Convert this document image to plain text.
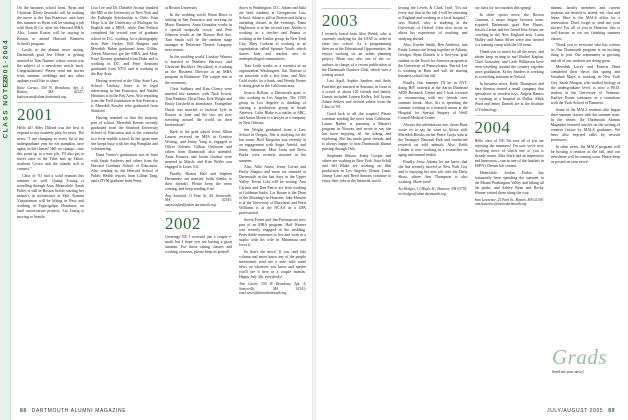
2001-2004
CLASS NOTES

On the business school front, Ryan and Christine (Dart) Jaworski will be making the move to the San Francisco area later this summer as Ryan will be starting a job with Bain & Co. after his Harvard MBA. Also, Laurie Kosiac will be staying in Boston to attend Harvard Business School's program.

Lastly, in the alumni news saying, Dartmouth grad Jen Oliver is getting married to Tom Nunner, whose cousin was the subject of a newsletter article back. Congratulations! Please send me stories from summer weddings and any other updates you'd like to share.

Katie Caruso, 500 W. Broadway, Apt. 5, Boston, MA 02127; katiecaruso@alum.dartmouth.org.
2001

Hello all! Abby Dillard was the first to respond to my formerly plea for news. The news: "I am changing so every bit of my undergraduate year by eat pumpkin, save again, in the classes! Hill we change—into this point up to a new job. I'll also get to travel once in the Tibet and up Tahoe, northern Cicero and the islands still to connect."

Class of '01 had a solid reunion this summer as well. Quang Truong is travelling through Asia. Meanwhile, Sarah Fuller is still in Boston before starting her master's in architecture at Yale. Kamini Vijayaraman will be hiking in Peru and working in Tegucigalpa, Honduras, on land conservation projects. Liz Lustig is moving to Seattle.

Lisa Lee and Dr. Danielle Acosta finished the MD at the University of New York and the Fulbright Scholarship to Chile. Kim Hope is at the University of Michigan for English and a MBA, while Dan Pollack completed his second year of graduate school in D.C. working for a photography firm. Ben Gerber, Bill Burgess and Meredith Rabin graduated from Gillies. Alexis Marcucci got her MBA, and Mary Kaye Rooney graduated from Duke and is working in DC, and Peter Ammons graduated from NYU and is working in the Bay Area.

Having received at the Ohio State Law School, Lindsay Jones is in legal advertising in San Francisco, and Natalie Hawkins is in the Bay Area. Also reporting from the Ford foundation in San Francisco is Meredith Kessler who graduated from Stanford.

Having reunited so that the majority part of school, Meredith Keener recently graduated from the Stanford University School of Education and is the counselor at a local middle school. In her spare time she keeps busy with her dog Pumpkin and volunteering.

Dana Turner's graduation was in June with Sarah Andrews and others from the Harvard Graduate School of Education. Also sending in, the Harvard School of Public Health reports from Lillian Tang, and a DVM graduate from Penn.

at Boston University.

In the wedding world, Brian Bruce is settling in San Francisco and working on Music Business. Anna Gonzalez works in a special nonprofit sector, and Pete Johnson works at the Boston Red Sox. Tara Smith will be the random stage manager at Delaware Theatre Company next season.

In the wedding world, Lindsay Winters is married to Matthew Barrows, and Christine Buchler's (Stricklen) is working as the Business Director at an MBA program in Baltimore. The couple met at the ceremony.

Chris Sudbury and Kim Clancy were married last summer, with Nick Jowett, Tom Raddatz, Chris Dutz, Erik Wright and Emily Linsfield in attendance. Evangeline Duval was married to Jackson Lyle in Boston in June and the two are now traveling around the world on their honeymoon!

Back to the grad school front, Jillian Lauren received an MFA in Creative Writing, and Jenny Yang is engaged to Oliver Schaen. Gillian Orthwein and others from Dartmouth also attended. Anna Fonseca and Justin Gordon were married in March, and Kim Weller was engaged to Louis Gil.

Finally, Bianca Hall and Stephen Hernandez are married (with thanks to their friends). Please keep the news coming, and keep sending it in!

Amy Swinford, 11 Fake St., #5, Somerville, MA 02143; amyswinford@alum.dartmouth.org.
2002

Greetings '02! I received just a couple e-mails but I hope you are having a great summer. For those taking classes and working overseas, please keep us posted!

down in Washington, D.C. Adam and Julia are both students at Georgetown Law School. Adam is still at Boston and Julia is attending classes in the evenings. Dana Hightower is in her second year. Ashley is working as a teacher and Emma is working at the Caitlin group. In New York City, Mary Cochran is working at an organization called Sponsor Youth, which shares kids and teaches arts to underprivileged communities.

Tom Leith works as a scientist at an organization Washington. Jim Duncan is an associate with a law firm, and Alex Gold works for a bank, and Wendy Frome is doing great in the California area.

Jessica Rollins, a Dartmouth grad, is also working in Los Angeles. The CNN group in Los Angeles is thinking of starting a production group in South America. Colin Blake is a staffer at ABC, and Aaron Moxie is a lawyer at a company in New Orleans.

Jen Wright graduated from a Law School in Oregon. She is studying for the bar exam. Hoff Kingston was recently at an engagement with Angie Arnold, and Jenny Simmons, Matt Liam and Drew Burke were recently married in the summer.

Also, Allie Amos, Jenny Cortez and Emily Shapiro and more are reunited at Dartmouth in the last days in the Upper Valley. Kevin Cole will be writing. Ann Carlson and Dan Pierce are both working at Goldman Sachs. Liz Boone is the Dean of the Morning's in Hanover, Jake Manson is at the University of Maryland, and Brett Williams is at the NCAA as a GPA professional.

Stevie Foster and Jim Freeman are now part of an MBA program. Hoff Warner was recently engaged in the wedding. Peter Sable continues to live and work in a studio with his wife in Minnesota and loves it.

So that's the news! If you read this column and never know any of the people mentioned, send me a note with some news on whatever you know and maybe you'll see it here in a couple months. Happy July 4th, everybody!

Tom Carter, 350 W. Broadway, Apt. 4, Somerville, MA 02143; tom.carter@alum.dartmouth.org.
88 DARTMOUTH ALUMNI MAGAZINE
2003

I recently heard from Alex Wendt, who is currently studying for the LSAT in order to enter law school. As a programming director at the Educational Opportunities, he enjoys working on an urban planning project. Brian was also one of the co-authors in charge of a recent publication of the Dartmouth Outdoor Club, which won a writing award.

Last April, Sophie Sanders and Andy Fairfield got married in Sonoma, in front of a crowd of about 120 friends and family. Guests included Lauren Kelley, Jeff Lyons, Adam Seltzer and several others from the Class of '03.

Good luck to all the couples! Please continue sending the news from California. Laurie Barbie is pursuing a Master's program in Norway and wrote to say she has been enjoying all the hiking and exploring. She has made great friends, and is always happy to host Dartmouth alumni passing through Oslo.

Stephanie Mason, Jenny Cooper and others are working in New York. Sara Schiff and Jeff Blake are working on film production in Los Angeles. Danny Lazar, Jimmy Lane and Reed Simons continue to enjoy their jobs in the financial world.

lowing the Levels & Clark Trail. "It's not every day that in the fall I will be returning to England and working at a local hospital," says Rachel, who is studying at the University of Oxford. John also wrote in about his experience of teaching and studying abroad.

Also, Kaylee Smith, Ben Andrews, and Emily Lanaro are living together in Atlanta, Georgia. Ryan Daniels is a first-year grad student in the Teach for America program at the University of Pennsylvania. Patrick Lee is working at Bain and will be starting business school this fall.

Finally, this summer I'll be in NYC doing HIV outreach at the Aaron Diamond AIDS Research Center and I look forward to reconnecting with my friends over summer break. Also, Ari is spending the summer working as a research intern at the Hospital for Special Surgery of Weill Cornell Medical Center.

Always the adventurous one, Jason Hunt wrote in to say he went to Africa with Meredith Brooks on her Peace Corps stint at the Tarangire National Park and conducted research on wild animals. Also, Keith Linden is now working as a researcher on aging and mental health.

Finally, Jesse Adams let me know that she has recently moved to New York City and is enjoying her new job with the Daily Show, where Ann Thompson is also working. More soon!

Ari Hodges, 12 Maple St., Hanover, NH 03755; ari.hodges@alum.dartmouth.org.

our class for two months this spring!

In other sports news, the Boston Cannons, a major league lacrosse team, acquired Dartmouth grad Ken Harris. Jessica Lerner and her friend Erin Evans are coaching in the New England area. Laura Malley and Justin Silver were also invited to a training camp with the US team.

Thank you so much for all the news, and please keep writing to me! Rachel Kaplan, Chris Gonzalez, and Leah Wilkinson have been traveling around the country together since graduation. Kristy Sanders is working as a teaching assistant at Oxford.

In business news, Keith Thompson and Sara Stanton started a small company that specializes in wooden toys. Angela Ramos is working at a hospital in Dallas. Mark Ward and Jenny Darnell are at the Institute of Technology.

2004

Hello class of '04! I'm sure all of you are enjoying the summers! I'm sure we're now receiving news of which one of you is already aware. Max Stark had an impressive and humorous—run as one of the finalists in ESPN's Dream Job contest.

Meanwhile, Jordan Parker has fortunately been spending the summer in the Mount Washington Valley and hiking all the peaks, and Ashley Ryan and Becky Warner visited them along the way.

Sam Lawrence, 25 Park St., Boston, MA 02108; sam.lawrence@alum.dartmouth.org.

alumni, faculty members and current students are invited to attend, eat, chat and listen. Here is the MALS office for a reservation. Don't forget to send me your stories! For all of you in Hanover, this is well-known as we are finishing summer classes.

Thank you to everyone who has written in. Our Dartmouth program is an exciting thing to join. Our community is growing and all of our students are doing great.

Meredith Lacey and Francis Hunt completed their thesis this spring and Jonathan Mays is working in New York City. Sarah Morgan, who studied biology at the undergraduate level, is now a Ph.D. student at the University of Vermont. Kaitlyn Evans continues as a consultant with the Tuck School of Business.

Some of the MALS students also began their summer classes with the summer term. In the winter, the Dartmouth Alumni Magazine featured articles on the writing of creative fiction by MALS graduates. We have also enjoyed talks by several professors.

In other news, the MALS program will be hosting a reunion in the fall, and our newsletter will be coming soon. Please keep us posted on your news!

Grads
Send me your news!
JULY/AUGUST 2005 89
